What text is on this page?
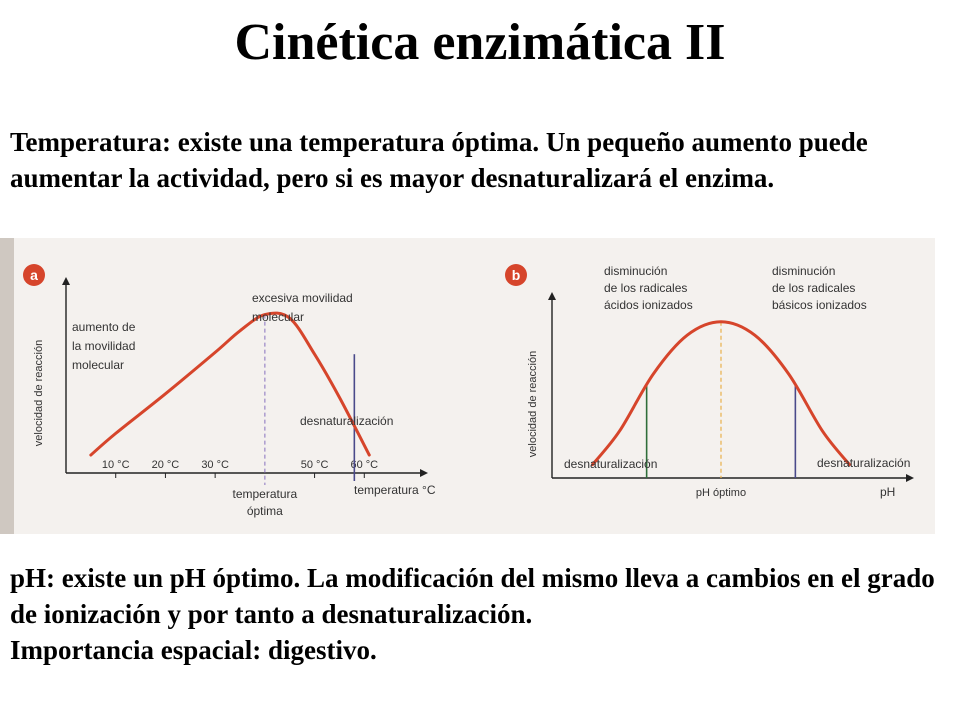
Cinética enzimática II

Temperatura: existe una temperatura óptima. Un pequeño aumento puede aumentar la actividad, pero si es mayor desnaturalizará el enzima.

a
10 °C 20 °C 30 °C	50 °C 60 °C
velocidad de reacción
temperatura °C
aumento de
la movilidad
molecular
excesiva movilidad
molecular
desnaturalización
temperatura
óptima
b
velocidad de reacción
pH
pH óptimo
disminución
de los radicales
ácidos ionizados
disminución
de los radicales
básicos ionizados
desnaturalización	desnaturalización
pH: existe un pH óptimo. La modificación del mismo lleva a cambios en el grado de ionización y por tanto a desnaturalización.
Importancia espacial: digestivo.
